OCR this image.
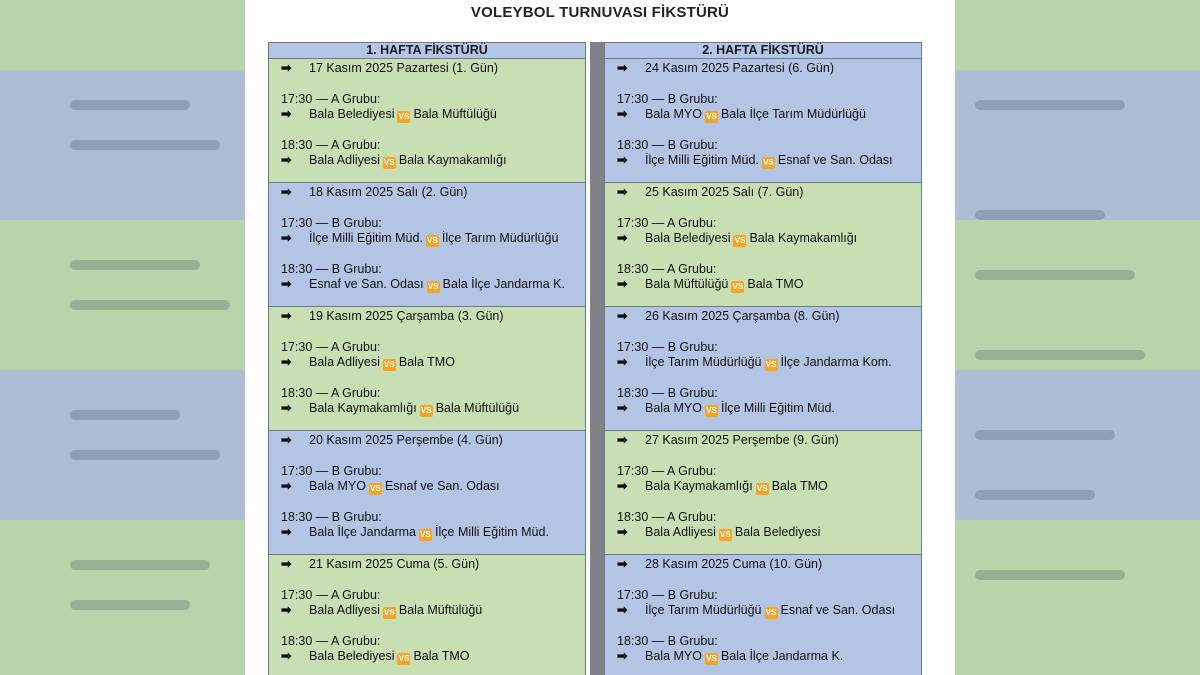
VOLEYBOL TURNUVASI FİKSTÜRÜ
1. HAFTA FİKSTÜRÜ
➡ 17 Kasım 2025 Pazartesi (1. Gün)
17:30 — A Grubu:
➡ Bala Belediyesi VS Bala Müftülüğü
18:30 — A Grubu:
➡ Bala Adliyesi VS Bala Kaymakamlığı
➡ 18 Kasım 2025 Salı (2. Gün)
17:30 — B Grubu:
➡ İlçe Milli Eğitim Müd. VS İlçe Tarım Müdürlüğü
18:30 — B Grubu:
➡ Esnaf ve San. Odası VS Bala İlçe Jandarma K.
➡ 19 Kasım 2025 Çarşamba (3. Gün)
17:30 — A Grubu:
➡ Bala Adliyesi VS Bala TMO
18:30 — A Grubu:
➡ Bala Kaymakamlığı VS Bala Müftülüğü
➡ 20 Kasım 2025 Perşembe (4. Gün)
17:30 — B Grubu:
➡ Bala MYO VS Esnaf ve San. Odası
18:30 — B Grubu:
➡ Bala İlçe Jandarma VS İlçe Milli Eğitim Müd.
➡ 21 Kasım 2025 Cuma (5. Gün)
17:30 — A Grubu:
➡ Bala Adliyesi VS Bala Müftülüğü
18:30 — A Grubu:
➡ Bala Belediyesi VS Bala TMO
2. HAFTA FİKSTÜRÜ
➡ 24 Kasım 2025 Pazartesi (6. Gün)
17:30 — B Grubu:
➡ Bala MYO VS Bala İlçe Tarım Müdürlüğü
18:30 — B Grubu:
➡ İlçe Milli Eğitim Müd. VS Esnaf ve San. Odası
➡ 25 Kasım 2025 Salı (7. Gün)
17:30 — A Grubu:
➡ Bala Belediyesi VS Bala Kaymakamlığı
18:30 — A Grubu:
➡ Bala Müftülüğü VS Bala TMO
➡ 26 Kasım 2025 Çarşamba (8. Gün)
17:30 — B Grubu:
➡ İlçe Tarım Müdürlüğü VS İlçe Jandarma Kom.
18:30 — B Grubu:
➡ Bala MYO VS İlçe Milli Eğitim Müd.
➡ 27 Kasım 2025 Perşembe (9. Gün)
17:30 — A Grubu:
➡ Bala Kaymakamlığı VS Bala TMO
18:30 — A Grubu:
➡ Bala Adliyesi VS Bala Belediyesi
➡ 28 Kasım 2025 Cuma (10. Gün)
17:30 — B Grubu:
➡ İlçe Tarım Müdürlüğü VS Esnaf ve San. Odası
18:30 — B Grubu:
➡ Bala MYO VS Bala İlçe Jandarma K.
